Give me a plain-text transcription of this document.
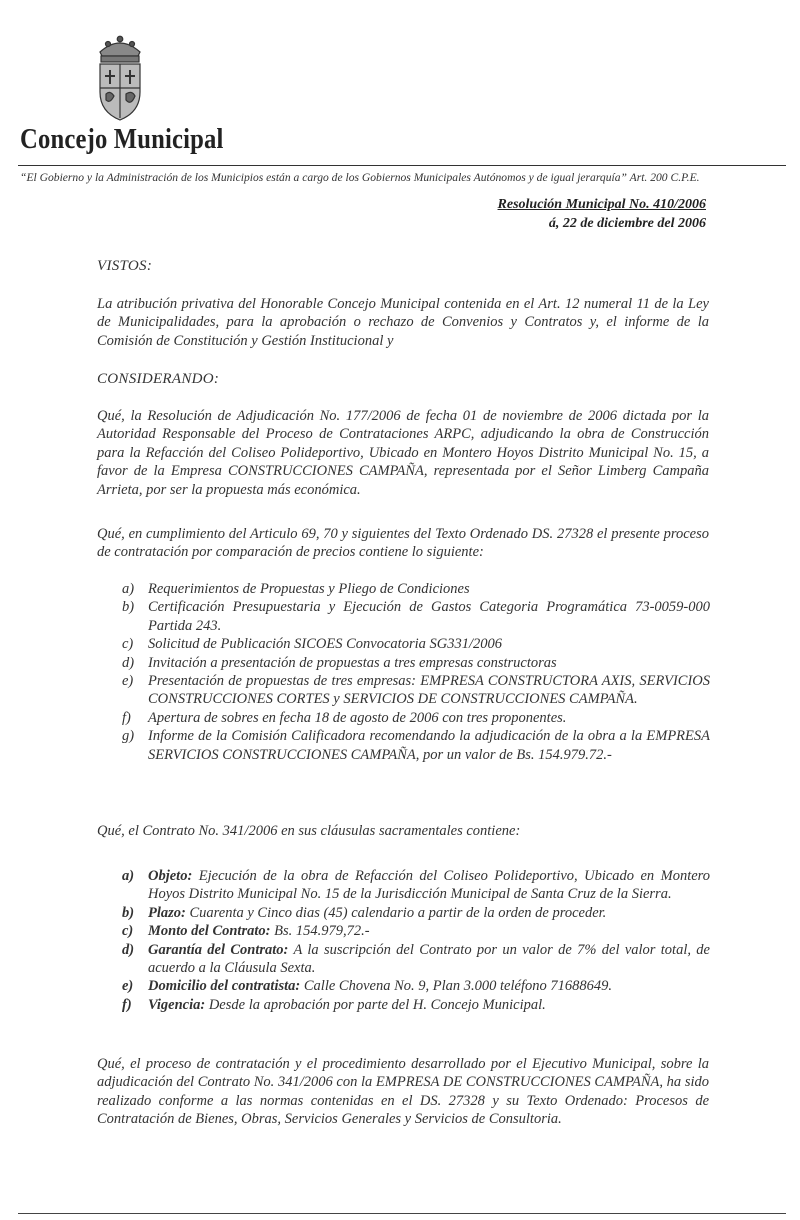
Concejo Municipal
“El Gobierno y la Administración de los Municipios están a cargo de los Gobiernos Municipales Autónomos y de igual jerarquía” Art. 200 C.P.E.
Resolución Municipal No. 410/2006
á, 22 de diciembre del 2006
VISTOS:
La atribución privativa del Honorable Concejo Municipal contenida en el Art. 12 numeral 11 de la Ley de Municipalidades, para la aprobación o rechazo de Convenios y Contratos y, el informe de la Comisión de Constitución y Gestión Institucional y
CONSIDERANDO:
Qué, la Resolución de Adjudicación No. 177/2006 de fecha 01 de noviembre de 2006 dictada por la Autoridad Responsable del Proceso de Contrataciones ARPC, adjudicando la obra de Construcción para la Refacción del Coliseo Polideportivo, Ubicado en Montero Hoyos Distrito Municipal No. 15, a favor de la Empresa CONSTRUCCIONES CAMPAÑA, representada por el Señor Limberg Campaña Arrieta, por ser la propuesta más económica.
Qué, en cumplimiento del Articulo 69, 70 y siguientes del Texto Ordenado DS. 27328 el presente proceso de contratación por comparación de precios contiene lo siguiente:
a) Requerimientos de Propuestas y Pliego de Condiciones
b) Certificación Presupuestaria y Ejecución de Gastos Categoria Programática 73-0059-000 Partida 243.
c) Solicitud de Publicación SICOES Convocatoria SG331/2006
d) Invitación a presentación de propuestas a tres empresas constructoras
e) Presentación de propuestas de tres empresas: EMPRESA CONSTRUCTORA AXIS, SERVICIOS CONSTRUCCIONES CORTES y SERVICIOS DE CONSTRUCCIONES CAMPAÑA.
f) Apertura de sobres en fecha 18 de agosto de 2006 con tres proponentes.
g) Informe de la Comisión Calificadora recomendando la adjudicación de la obra a la EMPRESA SERVICIOS CONSTRUCCIONES CAMPAÑA, por un valor de Bs. 154.979.72.-
Qué, el Contrato No. 341/2006 en sus cláusulas sacramentales contiene:
a) Objeto: Ejecución de la obra de Refacción del Coliseo Polideportivo, Ubicado en Montero Hoyos Distrito Municipal No. 15 de la Jurisdicción Municipal de Santa Cruz de la Sierra.
b) Plazo: Cuarenta y Cinco dias (45) calendario a partir de la orden de proceder.
c) Monto del Contrato: Bs. 154.979,72.-
d) Garantía del Contrato: A la suscripción del Contrato por un valor de 7% del valor total, de acuerdo a la Cláusula Sexta.
e) Domicilio del contratista: Calle Chovena No. 9, Plan 3.000 teléfono 71688649.
f) Vigencia: Desde la aprobación por parte del H. Concejo Municipal.
Qué, el proceso de contratación y el procedimiento desarrollado por el Ejecutivo Municipal, sobre la adjudicación del Contrato No. 341/2006 con la EMPRESA DE CONSTRUCCIONES CAMPAÑA, ha sido realizado conforme a las normas contenidas en el DS. 27328 y su Texto Ordenado: Procesos de Contratación de Bienes, Obras, Servicios Generales y Servicios de Consultoria.
